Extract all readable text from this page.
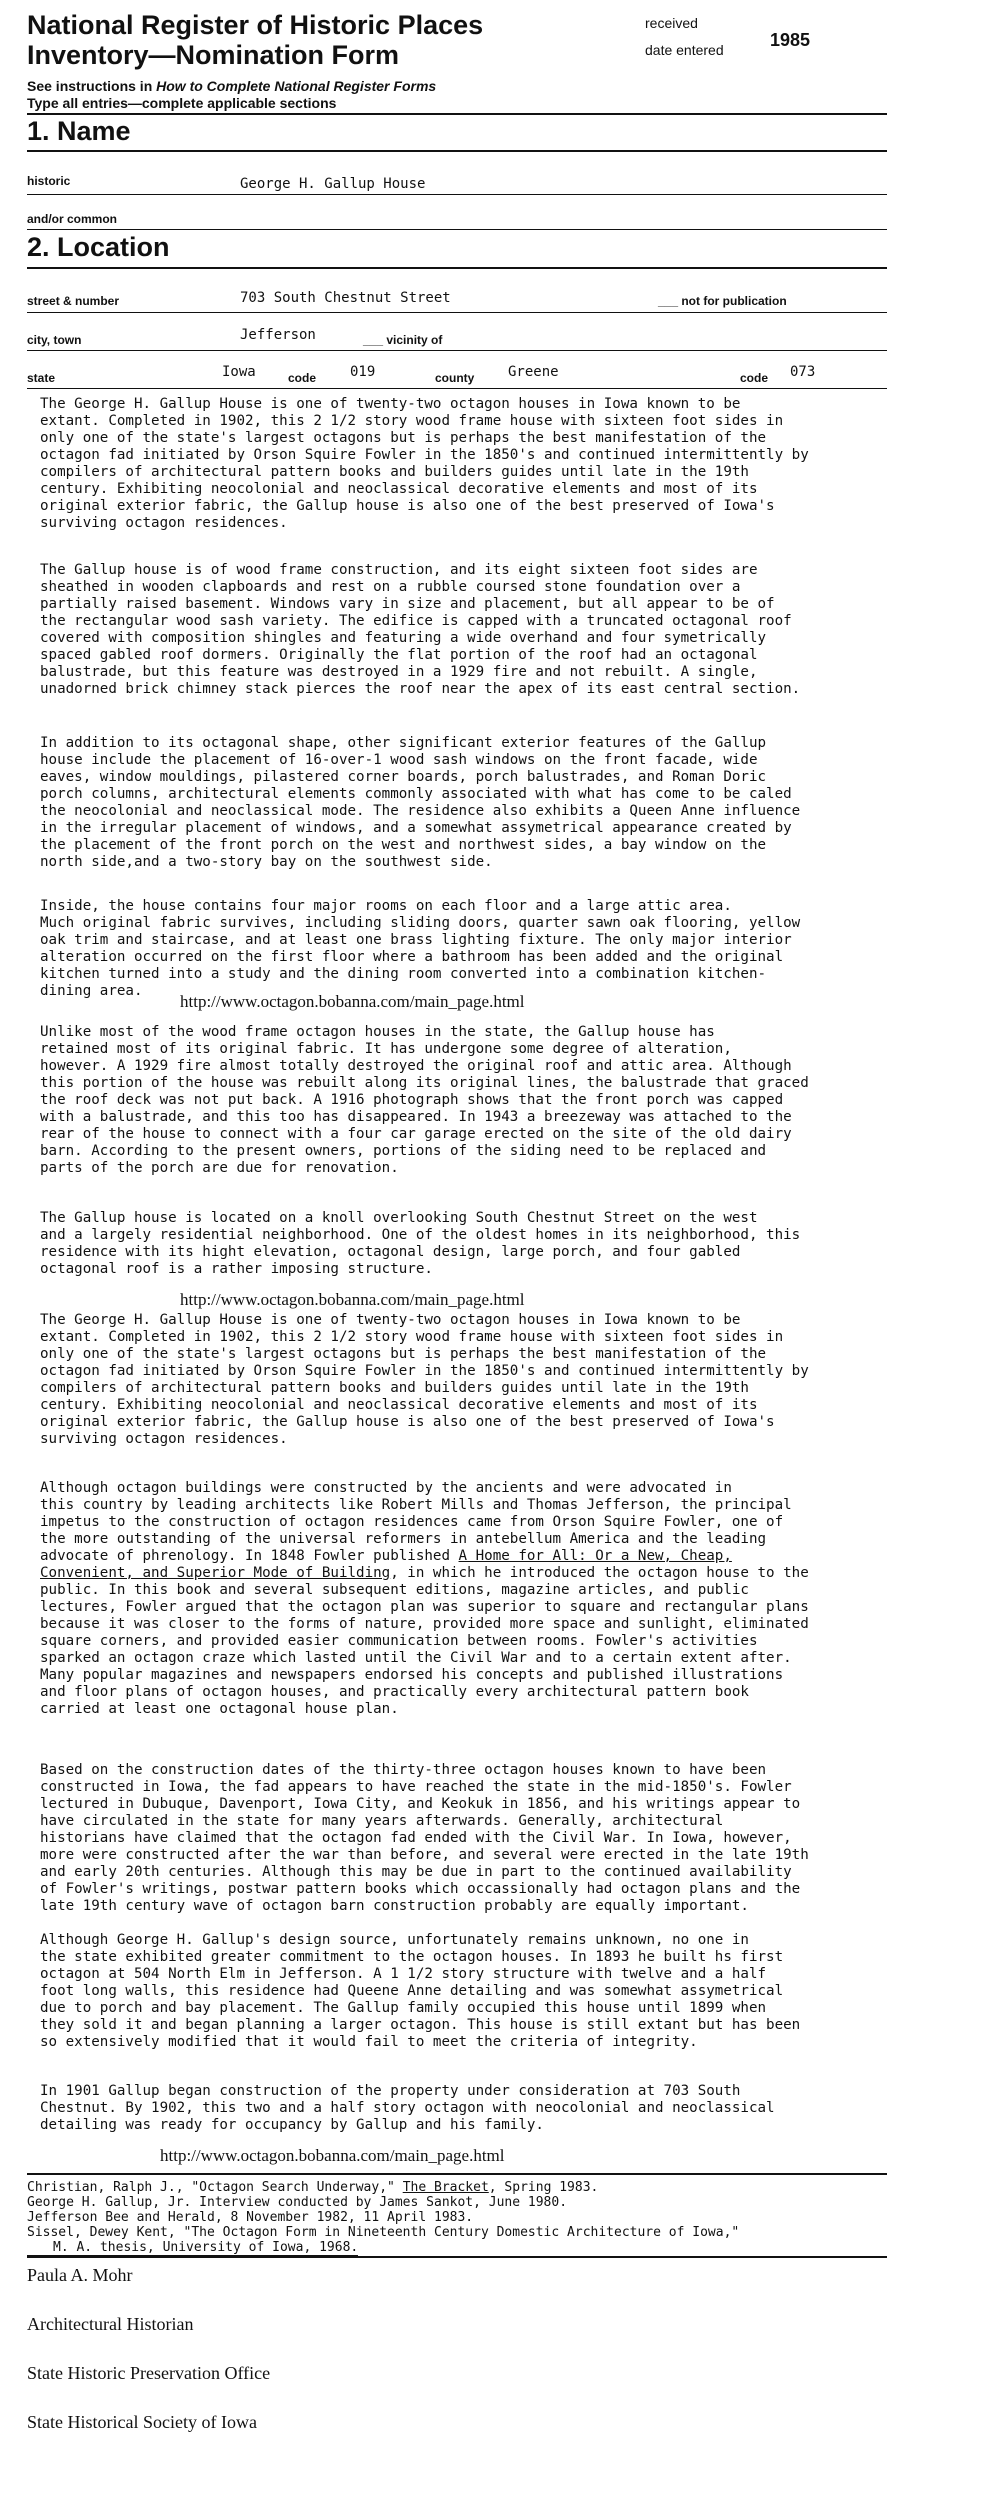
National Register of Historic Places
Inventory—Nomination Form
received
date entered	1985
See instructions in How to Complete National Register Forms
Type all entries—complete applicable sections
1. Name
historic	George H. Gallup House
and/or common
2. Location
street & number	703 South Chestnut Street	___ not for publication
city, town	Jefferson	___ vicinity of
state	Iowa	code 019	county Greene	code 073

The George H. Gallup House is one of twenty-two octagon houses in Iowa known to be
extant. Completed in 1902, this 2 1/2 story wood frame house with sixteen foot sides in
only one of the state's largest octagons but is perhaps the best manifestation of the
octagon fad initiated by Orson Squire Fowler in the 1850's and continued intermittently by
compilers of architectural pattern books and builders guides until late in the 19th
century. Exhibiting neocolonial and neoclassical decorative elements and most of its
original exterior fabric, the Gallup house is also one of the best preserved of Iowa's
surviving octagon residences.

The Gallup house is of wood frame construction, and its eight sixteen foot sides are
sheathed in wooden clapboards and rest on a rubble coursed stone foundation over a
partially raised basement. Windows vary in size and placement, but all appear to be of
the rectangular wood sash variety. The edifice is capped with a truncated octagonal roof
covered with composition shingles and featuring a wide overhand and four symetrically
spaced gabled roof dormers. Originally the flat portion of the roof had an octagonal
balustrade, but this feature was destroyed in a 1929 fire and not rebuilt. A single,
unadorned brick chimney stack pierces the roof near the apex of its east central section.

In addition to its octagonal shape, other significant exterior features of the Gallup
house include the placement of 16-over-1 wood sash windows on the front facade, wide
eaves, window mouldings, pilastered corner boards, porch balustrades, and Roman Doric
porch columns, architectural elements commonly associated with what has come to be caled
the neocolonial and neoclassical mode. The residence also exhibits a Queen Anne influence
in the irregular placement of windows, and a somewhat assymetrical appearance created by
the placement of the front porch on the west and northwest sides, a bay window on the
north side,and a two-story bay on the southwest side.

Inside, the house contains four major rooms on each floor and a large attic area.
Much original fabric survives, including sliding doors, quarter sawn oak flooring, yellow
oak trim and staircase, and at least one brass lighting fixture. The only major interior
alteration occurred on the first floor where a bathroom has been added and the original
kitchen turned into a study and the dining room converted into a combination kitchen-
dining area.

http://www.octagon.bobanna.com/main_page.html

Unlike most of the wood frame octagon houses in the state, the Gallup house has
retained most of its original fabric. It has undergone some degree of alteration,
however. A 1929 fire almost totally destroyed the original roof and attic area. Although
this portion of the house was rebuilt along its original lines, the balustrade that graced
the roof deck was not put back. A 1916 photograph shows that the front porch was capped
with a balustrade, and this too has disappeared. In 1943 a breezeway was attached to the
rear of the house to connect with a four car garage erected on the site of the old dairy
barn. According to the present owners, portions of the siding need to be replaced and
parts of the porch are due for renovation.

The Gallup house is located on a knoll overlooking South Chestnut Street on the west
and a largely residential neighborhood. One of the oldest homes in its neighborhood, this
residence with its hight elevation, octagonal design, large porch, and four gabled
octagonal roof is a rather imposing structure.

http://www.octagon.bobanna.com/main_page.html

The George H. Gallup House is one of twenty-two octagon houses in Iowa known to be
extant. Completed in 1902, this 2 1/2 story wood frame house with sixteen foot sides in
only one of the state's largest octagons but is perhaps the best manifestation of the
octagon fad initiated by Orson Squire Fowler in the 1850's and continued intermittently by
compilers of architectural pattern books and builders guides until late in the 19th
century. Exhibiting neocolonial and neoclassical decorative elements and most of its
original exterior fabric, the Gallup house is also one of the best preserved of Iowa's
surviving octagon residences.

Although octagon buildings were constructed by the ancients and were advocated in
this country by leading architects like Robert Mills and Thomas Jefferson, the principal
impetus to the construction of octagon residences came from Orson Squire Fowler, one of
the more outstanding of the universal reformers in antebellum America and the leading
advocate of phrenology. In 1848 Fowler published A Home for All: Or a New, Cheap,
Convenient, and Superior Mode of Building, in which he introduced the octagon house to the
public. In this book and several subsequent editions, magazine articles, and public
lectures, Fowler argued that the octagon plan was superior to square and rectangular plans
because it was closer to the forms of nature, provided more space and sunlight, eliminated
square corners, and provided easier communication between rooms. Fowler's activities
sparked an octagon craze which lasted until the Civil War and to a certain extent after.
Many popular magazines and newspapers endorsed his concepts and published illustrations
and floor plans of octagon houses, and practically every architectural pattern book
carried at least one octagonal house plan.

Based on the construction dates of the thirty-three octagon houses known to have been
constructed in Iowa, the fad appears to have reached the state in the mid-1850's. Fowler
lectured in Dubuque, Davenport, Iowa City, and Keokuk in 1856, and his writings appear to
have circulated in the state for many years afterwards. Generally, architectural
historians have claimed that the octagon fad ended with the Civil War. In Iowa, however,
more were constructed after the war than before, and several were erected in the late 19th
and early 20th centuries. Although this may be due in part to the continued availability
of Fowler's writings, postwar pattern books which occassionally had octagon plans and the
late 19th century wave of octagon barn construction probably are equally important.

Although George H. Gallup's design source, unfortunately remains unknown, no one in
the state exhibited greater commitment to the octagon houses. In 1893 he built hs first
octagon at 504 North Elm in Jefferson. A 1 1/2 story structure with twelve and a half
foot long walls, this residence had Queene Anne detailing and was somewhat assymetrical
due to porch and bay placement. The Gallup family occupied this house until 1899 when
they sold it and began planning a larger octagon. This house is still extant but has been
so extensively modified that it would fail to meet the criteria of integrity.

In 1901 Gallup began construction of the property under consideration at 703 South
Chestnut. By 1902, this two and a half story octagon with neocolonial and neoclassical
detailing was ready for occupancy by Gallup and his family.

http://www.octagon.bobanna.com/main_page.html
Christian, Ralph J., "Octagon Search Underway," The Bracket, Spring 1983.
George H. Gallup, Jr. Interview conducted by James Sankot, June 1980.
Jefferson Bee and Herald, 8 November 1982, 11 April 1983.
Sissel, Dewey Kent, "The Octagon Form in Nineteenth Century Domestic Architecture of Iowa,"
M. A. thesis, University of Iowa, 1968.
Paula A. Mohr
Architectural Historian
State Historic Preservation Office
State Historical Society of Iowa
